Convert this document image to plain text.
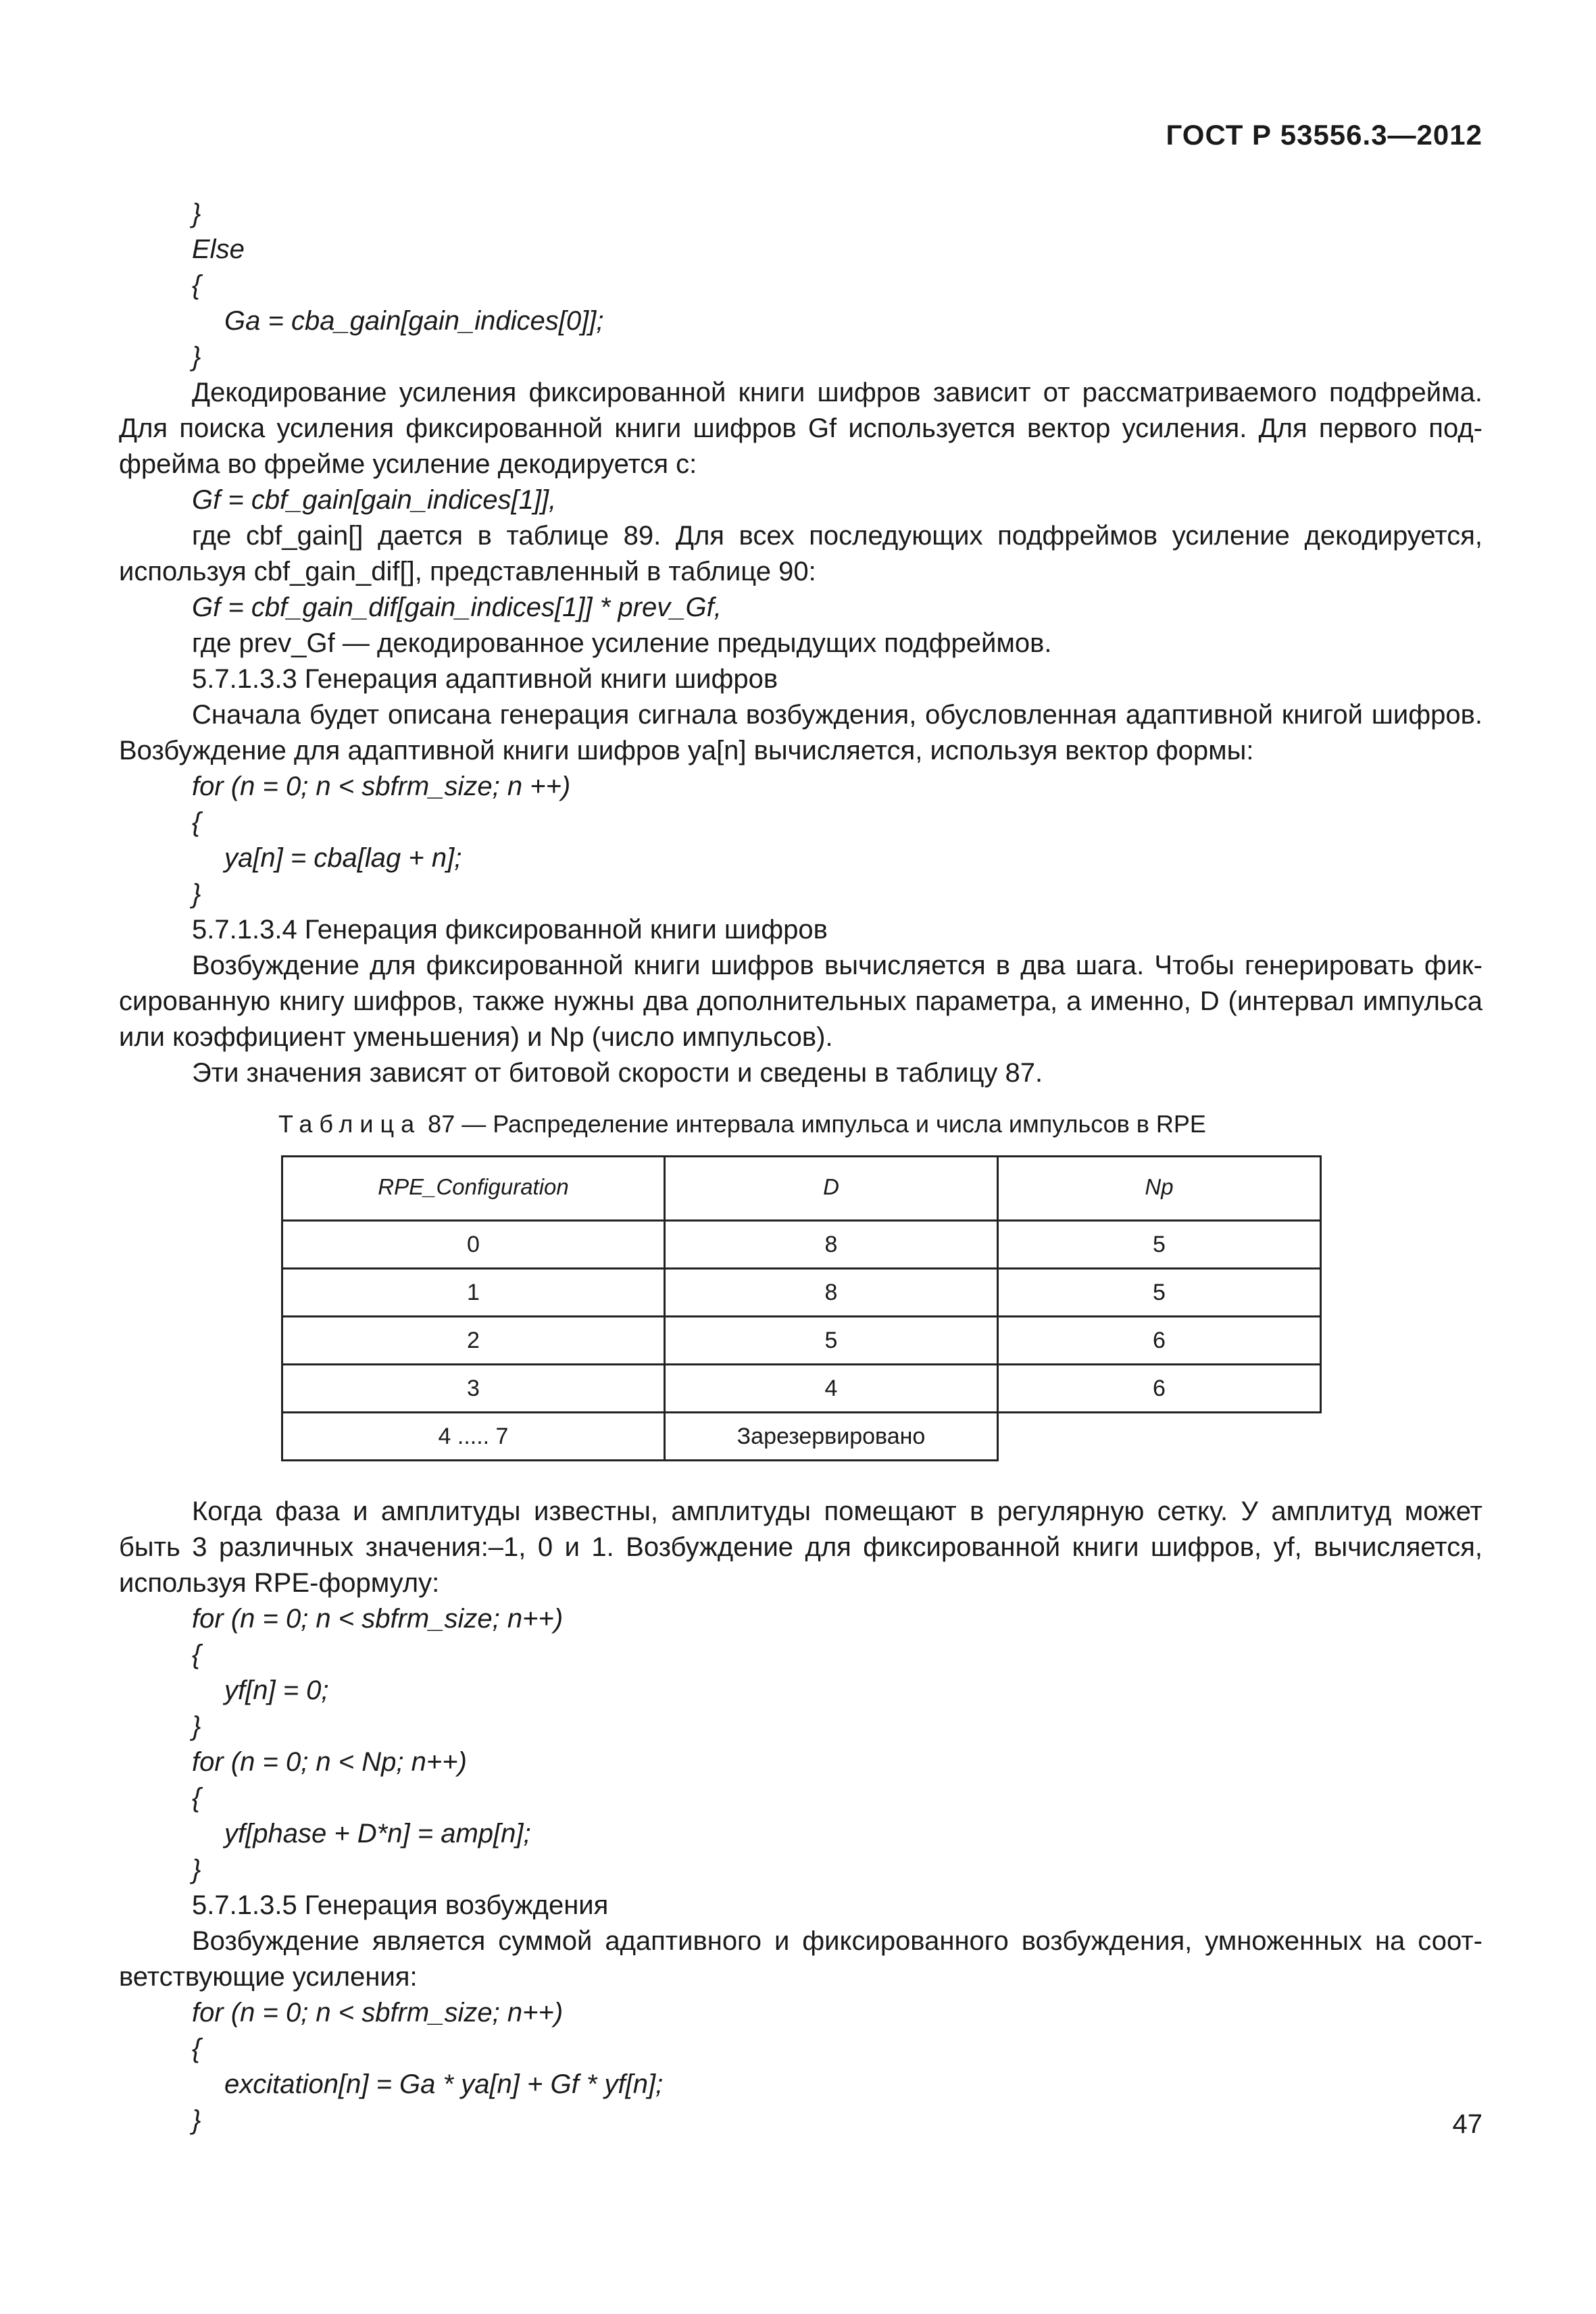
ГОСТ Р 53556.3—2012
}
Else
{
Ga = cba_gain[gain_indices[0]];
}
Декодирование усиления фиксированной книги шифров зависит от рассматриваемого подфрейма.
Для поиска усиления фиксированной книги шифров Gf используется вектор усиления. Для первого под-
фрейма во фрейме усиление декодируется с:
Gf = cbf_gain[gain_indices[1]],
где cbf_gain[] дается в таблице 89. Для всех последующих подфреймов усиление декодируется,
используя cbf_gain_dif[], представленный в таблице 90:
Gf = cbf_gain_dif[gain_indices[1]] * prev_Gf,
где prev_Gf — декодированное усиление предыдущих подфреймов.
5.7.1.3.3 Генерация адаптивной книги шифров
Сначала будет описана генерация сигнала возбуждения, обусловленная адаптивной книгой шифров.
Возбуждение для адаптивной книги шифров ya[n] вычисляется, используя вектор формы:
for (n = 0; n < sbfrm_size; n ++)
{
ya[n] = cba[lag + n];
}
5.7.1.3.4 Генерация фиксированной книги шифров
Возбуждение для фиксированной книги шифров вычисляется в два шага. Чтобы генерировать фик-
сированную книгу шифров, также нужны два дополнительных параметра, а именно, D (интервал импульса
или коэффициент уменьшения) и Np (число импульсов).
Эти значения зависят от битовой скорости и сведены в таблицу 87.
Таблица 87 — Распределение интервала импульса и числа импульсов в RPE
RPE_Configuration	D	Np

0	8	5
1	8	5
2	5	6
3	4	6
4 ..... 7	Зарезервировано	
Когда фаза и амплитуды известны, амплитуды помещают в регулярную сетку. У амплитуд может
быть 3 различных значения:–1, 0 и 1. Возбуждение для фиксированной книги шифров, yf, вычисляется,
используя RPE-формулу:
for (n = 0; n < sbfrm_size; n++)
{
yf[n] = 0;
}
for (n = 0; n < Np; n++)
{
yf[phase + D*n] = amp[n];
}
5.7.1.3.5 Генерация возбуждения
Возбуждение является суммой адаптивного и фиксированного возбуждения, умноженных на соот-
ветствующие усиления:
for (n = 0; n < sbfrm_size; n++)
{
excitation[n] = Ga * ya[n] + Gf * yf[n];
}	47
